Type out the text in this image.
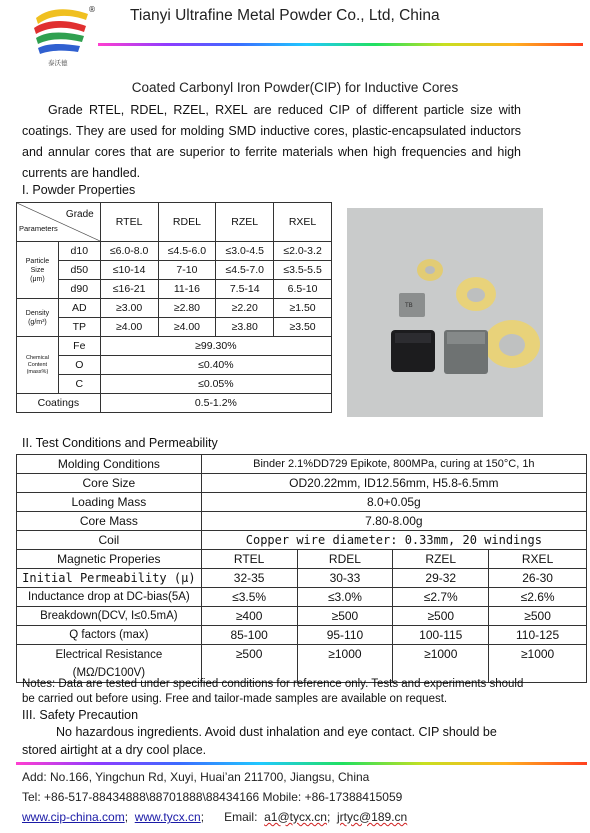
®
泰沃德
Tianyi Ultrafine Metal Powder Co., Ltd, China
Coated Carbonyl Iron Powder(CIP) for Inductive Cores
Grade RTEL, RDEL, RZEL, RXEL are reduced CIP of different particle size with coatings. They are used for molding SMD inductive cores, plastic-encapsulated inductors and annular cores that are superior to ferrite materials when high frequencies and high currents are handled.
I. Powder Properties
Grade
Parameters		RTEL	RDEL	RZEL	RXEL

Particle
Size
(μm)	d10	≤6.0-8.0	≤4.5-6.0	≤3.0-4.5	≤2.0-3.2
	d50	≤10-14	7-10	≤4.5-7.0	≤3.5-5.5
	d90	≤16-21	11-16	7.5-14	6.5-10

Density
(g/m³)	AD	≥3.00	≥2.80	≥2.20	≥1.50
	TP	≥4.00	≥4.00	≥3.80	≥3.50

Chemical
Content
(mass%)	Fe	≥99.30%			
	O	≤0.40%			
	C	≤0.05%			
Coatings		0.5-1.2%			
TB
II. Test Conditions and Permeability
Molding Conditions	Binder 2.1%DD729 Epikote, 800MPa, curing at 150°C, 1h			
Core Size	OD20.22mm, ID12.56mm, H5.8-6.5mm			
Loading Mass	8.0+0.05g			
Core Mass	7.80-8.00g			
Coil	Copper wire diameter: 0.33mm, 20 windings			
Magnetic Properies	RTEL	RDEL	RZEL	RXEL
Initial Permeability (μ)	32-35	30-33	29-32	26-30
Inductance drop at DC-bias(5A)	≤3.5%	≤3.0%	≤2.7%	≤2.6%
Breakdown(DCV, I≤0.5mA)	≥400	≥500	≥500	≥500
Q factors (max)	85-100	95-110	100-115	110-125

Electrical Resistance
(MΩ/DC100V)	≥500	≥1000	≥1000	≥1000
Notes: Data are tested under specified conditions for reference only. Tests and experiments should be carried out before using. Free and tailor-made samples are available on request.
III. Safety Precaution
No hazardous ingredients. Avoid dust inhalation and eye contact. CIP should be stored airtight at a dry cool place.
Add: No.166, Yingchun Rd, Xuyi, Huai’an 211700, Jiangsu, China
Tel: +86-517-88434888\88701888\88434166 Mobile: +86-17388415059
www.cip-china.com; www.tycx.cn; Email: a1@tycx.cn; jrtyc@189.cn
